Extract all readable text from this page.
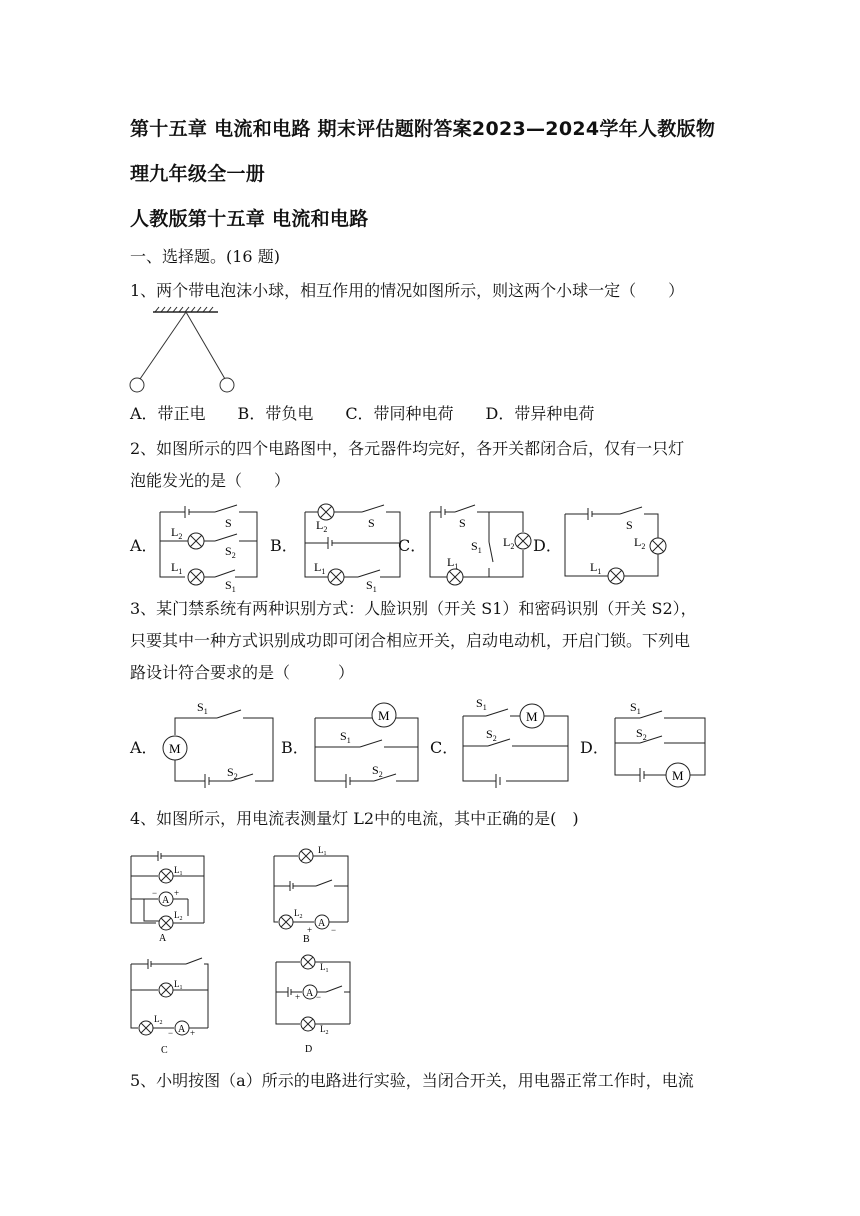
第十五章 电流和电路 期末评估题附答案2023—2024学年人教版物
理九年级全一册
人教版第十五章 电流和电路
一、选择题。(16 题)
1、两个带电泡沫小球，相互作用的情况如图所示，则这两个小球一定（　　）
A．带正电　　B．带负电　　C．带同种电荷　　D．带异种电荷
2、如图所示的四个电路图中，各元器件均完好，各开关都闭合后，仅有一只灯
泡能发光的是（　　）
A．
S
$L_2$
$S_2$
$L_1$
$S_1$
B．
$L_2$	S
$L_1$
$S_1$
C．
S
$S_1$
$L_2$
$L_1$
D．
S
$L_2$
$L_1$
3、某门禁系统有两种识别方式：人脸识别（开关 S1）和密码识别（开关 S2），
只要其中一种方式识别成功即可闭合相应开关，启动电动机，开启门锁。下列电
路设计符合要求的是（　　　）
A． M
$S_1$
$S_2$
B．
M
$S_1$
$S_2$
C．
M
$S_1$
$S_2$	D．
M
$S_1$
$S_2$
4、如图所示，用电流表测量灯 L2中的电流，其中正确的是(　)
A
$L_1$
$L_2$
− +
A
$L_1$
$L_2$
A
+ −
B
$L_1$
$L_2$
A
− +
C
$L_1$
A
+ −
$L_2$
D
5、小明按图（a）所示的电路进行实验，当闭合开关，用电器正常工作时，电流
